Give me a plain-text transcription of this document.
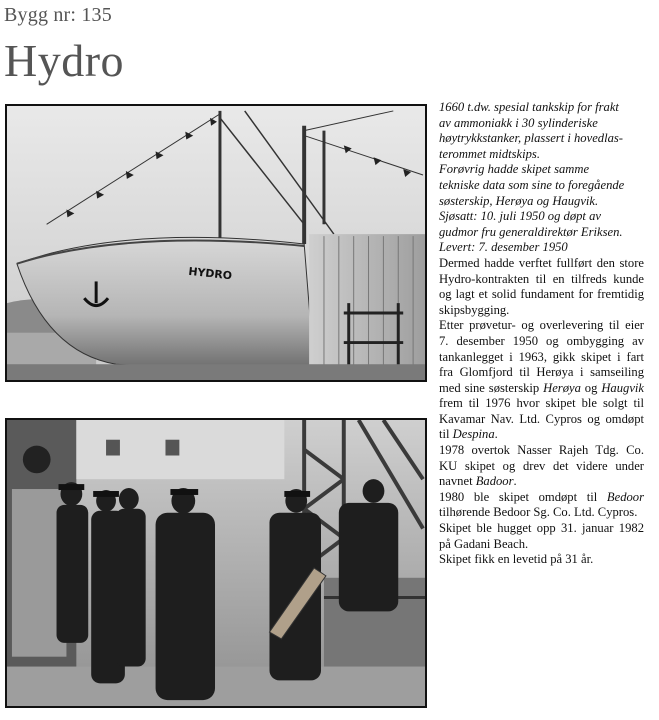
Bygg nr: 135
Hydro
HYDRO
1660 t.dw. spesial tankskip for frakt
av ammoniakk i 30 sylinderiske
høytrykkstanker, plassert i hovedlas-
terommet midtskips.
Forøvrig hadde skipet samme
tekniske data som sine to foregående
søsterskip, Herøya og Haugvik.
Sjøsatt: 10. juli 1950 og døpt av
gudmor fru generaldirektør Eriksen.
Levert: 7. desember 1950

Dermed hadde verftet fullført den store Hydro-kontrakten til en tilfreds kunde og lagt et solid fundament for fremtidig skipsbygging.

Etter prøvetur- og overlevering til eier 7. desember 1950 og ombygging av tankanlegget i 1963, gikk skipet i fart fra Glomfjord til Herøya i samseiling med sine søsterskip Herøya og Haugvik frem til 1976 hvor skipet ble solgt til Kavamar Nav. Ltd. Cypros og omdøpt til Despina.

1978 overtok Nasser Rajeh Tdg. Co. KU skipet og drev det videre under navnet Badoor.

1980 ble skipet omdøpt til Bedoor tilhørende Bedoor Sg. Co. Ltd. Cypros.

Skipet ble hugget opp 31. januar 1982 på Gadani Beach.

Skipet fikk en levetid på 31 år.
